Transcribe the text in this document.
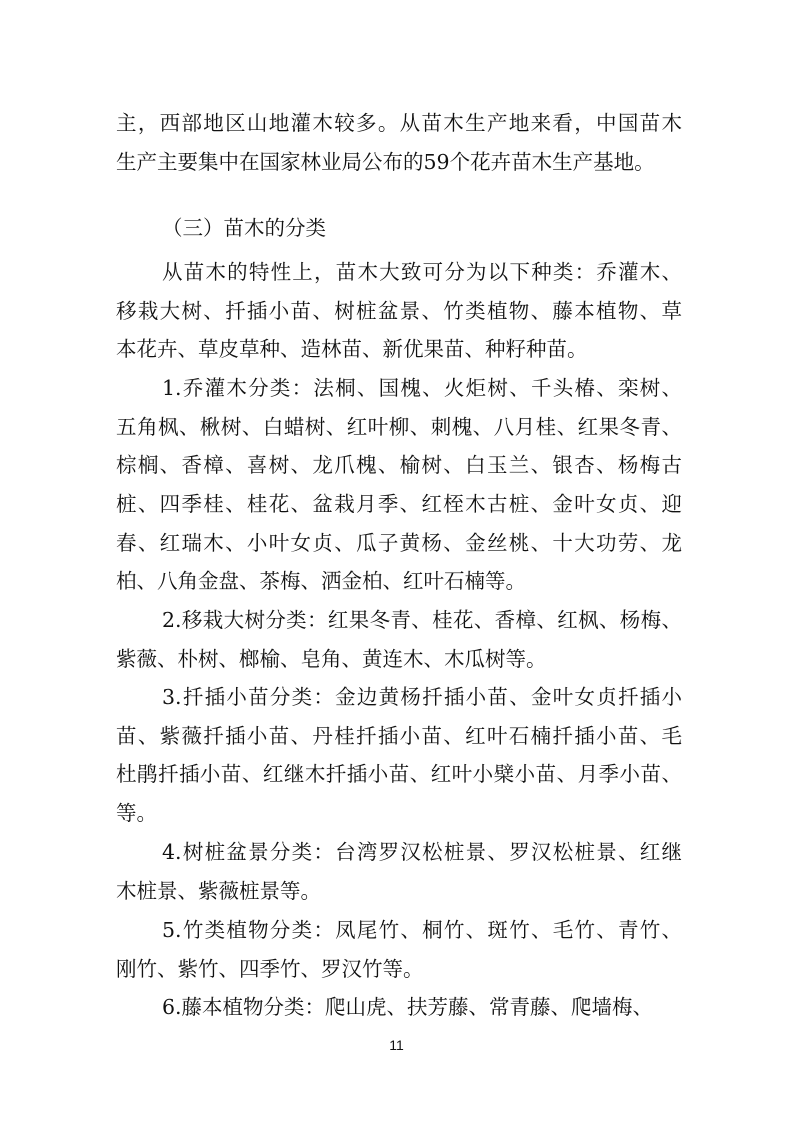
主，西部地区山地灌木较多。从苗木生产地来看，中国苗木
生产主要集中在国家林业局公布的59个花卉苗木生产基地。
（三）苗木的分类
从苗木的特性上，苗木大致可分为以下种类：乔灌木、
移栽大树、扦插小苗、树桩盆景、竹类植物、藤本植物、草
本花卉、草皮草种、造林苗、新优果苗、种籽种苗。
1.乔灌木分类：法桐、国槐、火炬树、千头椿、栾树、
五角枫、楸树、白蜡树、红叶柳、刺槐、八月桂、红果冬青、
棕榈、香樟、喜树、龙爪槐、榆树、白玉兰、银杏、杨梅古
桩、四季桂、桂花、盆栽月季、红桎木古桩、金叶女贞、迎
春、红瑞木、小叶女贞、瓜子黄杨、金丝桃、十大功劳、龙
柏、八角金盘、茶梅、洒金柏、红叶石楠等。
2.移栽大树分类：红果冬青、桂花、香樟、红枫、杨梅、
紫薇、朴树、榔榆、皂角、黄连木、木瓜树等。
3.扦插小苗分类：金边黄杨扦插小苗、金叶女贞扦插小
苗、紫薇扦插小苗、丹桂扦插小苗、红叶石楠扦插小苗、毛
杜鹃扦插小苗、红继木扦插小苗、红叶小檗小苗、月季小苗、
等。
4.树桩盆景分类：台湾罗汉松桩景、罗汉松桩景、红继
木桩景、紫薇桩景等。
5.竹类植物分类：凤尾竹、桐竹、斑竹、毛竹、青竹、
刚竹、紫竹、四季竹、罗汉竹等。
6.藤本植物分类：爬山虎、扶芳藤、常青藤、爬墙梅、
11
